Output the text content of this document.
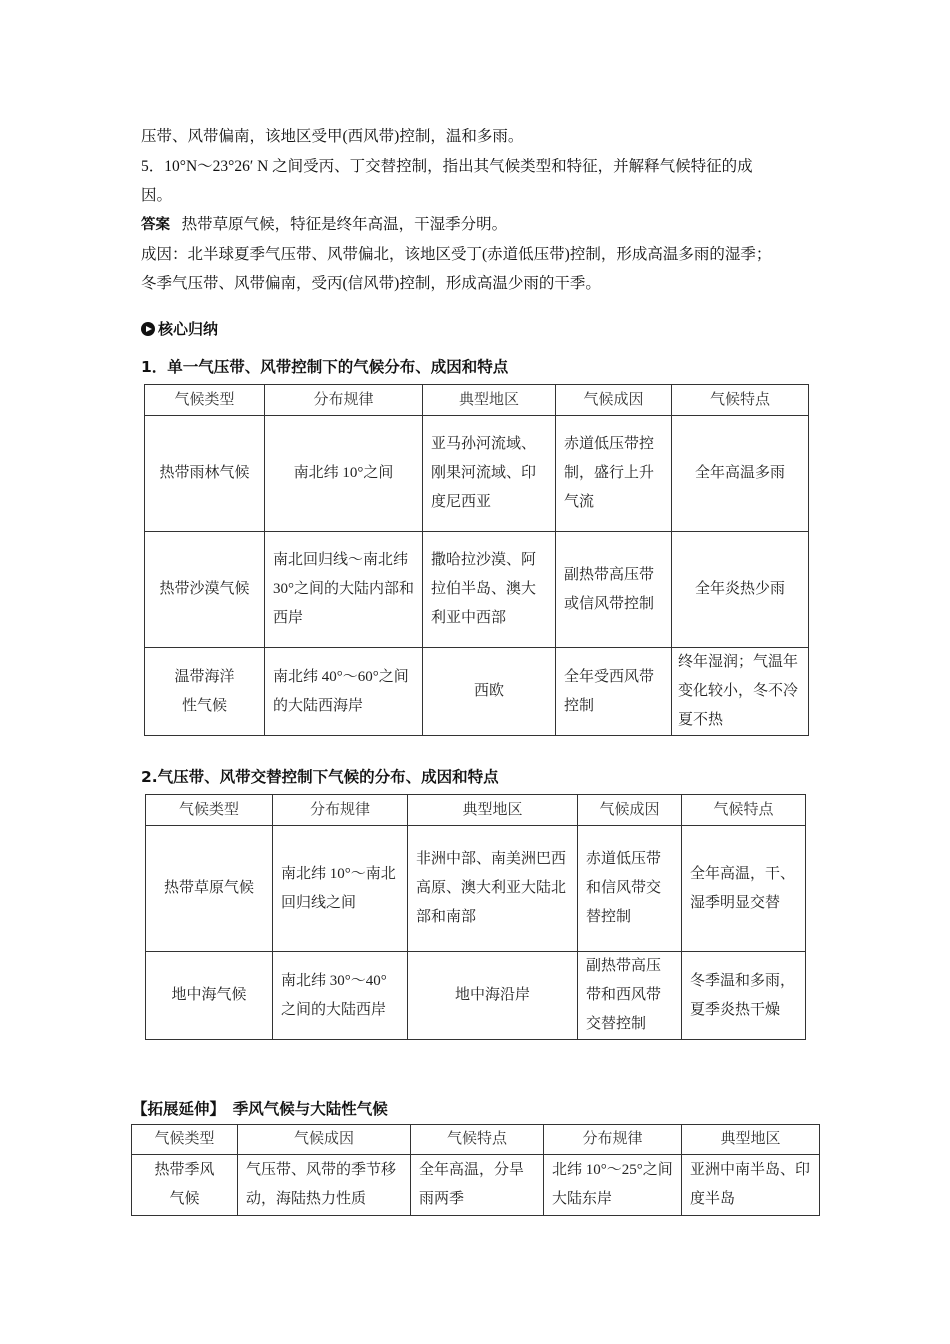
压带、风带偏南，该地区受甲(西风带)控制，温和多雨。
5．10°N～23°26′ N 之间受丙、丁交替控制，指出其气候类型和特征，并解释气候特征的成
因。
答案 热带草原气候，特征是终年高温，干湿季分明。
成因：北半球夏季气压带、风带偏北，该地区受丁(赤道低压带)控制，形成高温多雨的湿季；
冬季气压带、风带偏南，受丙(信风带)控制，形成高温少雨的干季。
核心归纳
1．单一气压带、风带控制下的气候分布、成因和特点
气候类型	分布规律	典型地区	气候成因	气候特点
热带雨林气候	南北纬 10°之间	亚马孙河流域、刚果河流域、印度尼西亚	赤道低压带控制，盛行上升气流	全年高温多雨
热带沙漠气候	南北回归线～南北纬 30°之间的大陆内部和西岸	撒哈拉沙漠、阿拉伯半岛、澳大利亚中西部	副热带高压带或信风带控制	全年炎热少雨
温带海洋性气候	南北纬 40°～60°之间的大陆西海岸	西欧	全年受西风带控制	终年湿润；气温年变化较小，冬不冷夏不热
2.气压带、风带交替控制下气候的分布、成因和特点
气候类型	分布规律	典型地区	气候成因	气候特点
热带草原气候	南北纬 10°～南北回归线之间	非洲中部、南美洲巴西高原、澳大利亚大陆北部和南部	赤道低压带和信风带交替控制	全年高温，干、湿季明显交替
地中海气候	南北纬 30°～40°之间的大陆西岸	地中海沿岸	副热带高压带和西风带交替控制	冬季温和多雨，夏季炎热干燥
【拓展延伸】　季风气候与大陆性气候
气候类型	气候成因	气候特点	分布规律	典型地区
热带季风气候	气压带、风带的季节移动，海陆热力性质	全年高温，分旱雨两季	北纬 10°～25°之间大陆东岸	亚洲中南半岛、印度半岛
